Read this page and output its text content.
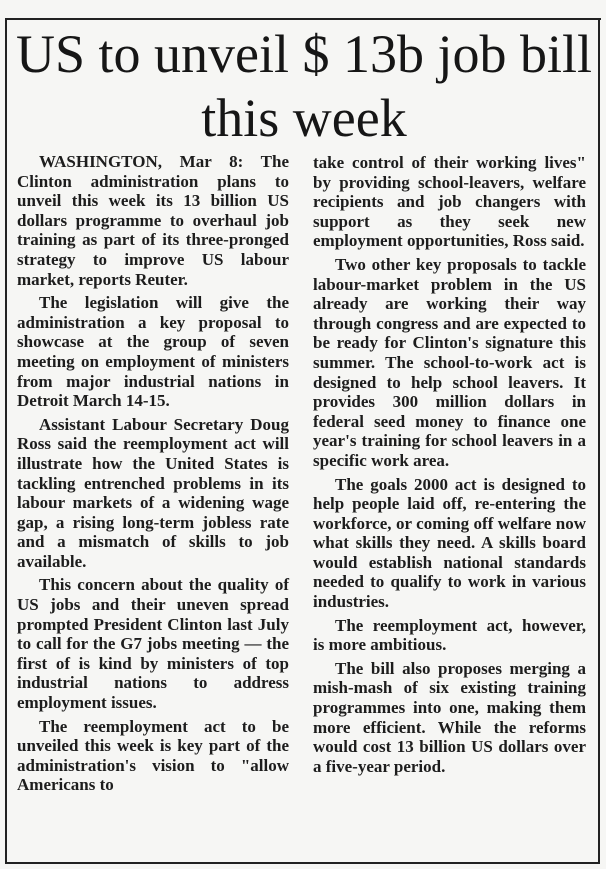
US to unveil $ 13b job bill this week

WASHINGTON, Mar 8: The Clinton administration plans to unveil this week its 13 billion US dollars programme to overhaul job training as part of its three-pronged strategy to improve US labour market, reports Reuter.

The legislation will give the administration a key proposal to showcase at the group of seven meeting on employment of ministers from major industrial nations in Detroit March 14-15.

Assistant Labour Secretary Doug Ross said the reemployment act will illustrate how the United States is tackling entrenched problems in its labour markets of a widening wage gap, a rising long-term jobless rate and a mismatch of skills to job available.

This concern about the quality of US jobs and their uneven spread prompted President Clinton last July to call for the G7 jobs meeting — the first of is kind by ministers of top industrial nations to address employment issues.

The reemployment act to be unveiled this week is key part of the administration's vision to "allow Americans to

take control of their working lives" by providing school-leavers, welfare recipients and job changers with support as they seek new employment opportunities, Ross said.

Two other key proposals to tackle labour-market problem in the US already are working their way through congress and are expected to be ready for Clinton's signature this summer. The school-to-work act is designed to help school leavers. It provides 300 million dollars in federal seed money to finance one year's training for school leavers in a specific work area.

The goals 2000 act is designed to help people laid off, re-entering the workforce, or coming off welfare now what skills they need. A skills board would establish national standards needed to qualify to work in various industries.

The reemployment act, however, is more ambitious.

The bill also proposes merging a mish-mash of six existing training programmes into one, making them more efficient. While the reforms would cost 13 billion US dollars over a five-year period.
